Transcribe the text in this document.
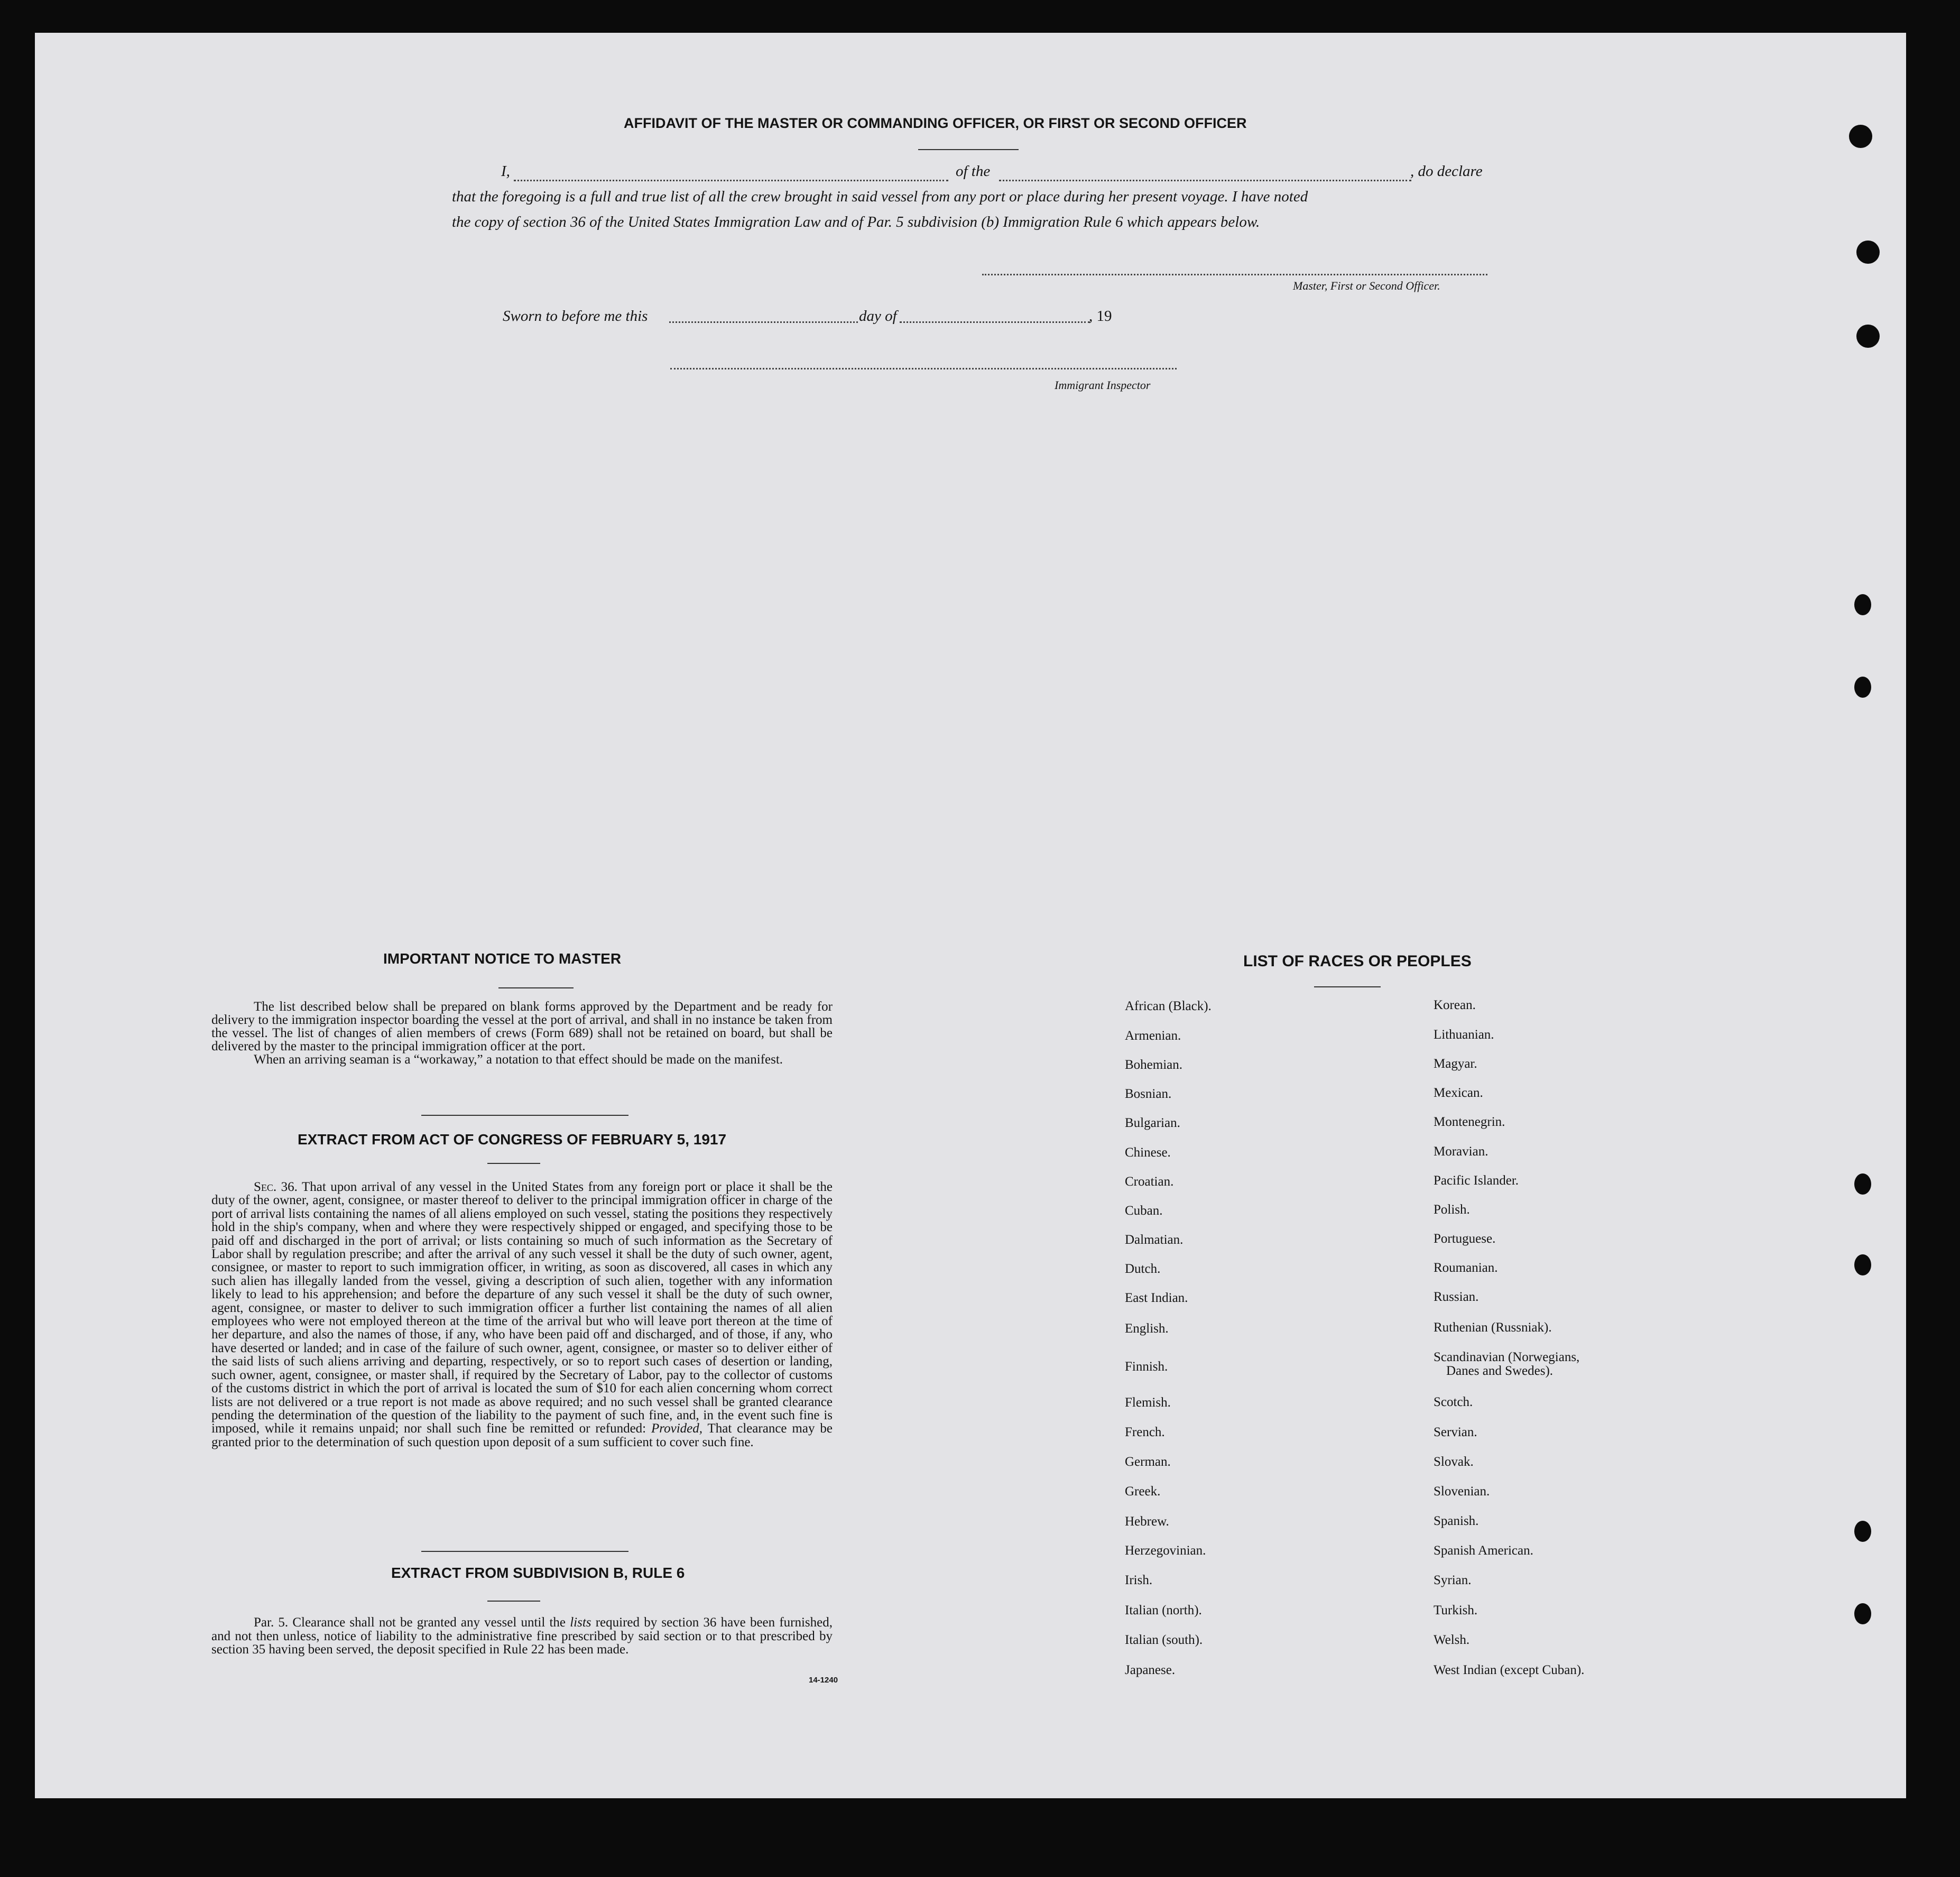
AFFIDAVIT OF THE MASTER OR COMMANDING OFFICER, OR FIRST OR SECOND OFFICER
I,	of the	, do declare
that the foregoing is a full and true list of all the crew brought in said vessel from any port or place during her present voyage. I have noted
the copy of section 36 of the United States Immigration Law and of Par. 5 subdivision (b) Immigration Rule 6 which appears below.
Master, First or Second Officer.
Sworn to before me this	day of	, 19
Immigrant Inspector
IMPORTANT NOTICE TO MASTER

The list described below shall be prepared on blank forms approved by the Department and be ready for delivery to the immigration inspector boarding the vessel at the port of arrival, and shall in no instance be taken from the vessel. The list of changes of alien members of crews (Form 689) shall not be retained on board, but shall be delivered by the master to the principal immigration officer at the port.

When an arriving seaman is a “workaway,” a notation to that effect should be made on the manifest.

EXTRACT FROM ACT OF CONGRESS OF FEBRUARY 5, 1917
Sec. 36. That upon arrival of any vessel in the United States from any foreign port or place it shall be the duty of the owner, agent, consignee, or master thereof to deliver to the principal immigration officer in charge of the port of arrival lists containing the names of all aliens employed on such vessel, stating the positions they respectively hold in the ship's company, when and where they were respectively shipped or engaged, and specifying those to be paid off and discharged in the port of arrival; or lists containing so much of such information as the Secretary of Labor shall by regulation prescribe; and after the arrival of any such vessel it shall be the duty of such owner, agent, consignee, or master to report to such immigration officer, in writing, as soon as discovered, all cases in which any such alien has illegally landed from the vessel, giving a description of such alien, together with any information likely to lead to his apprehension; and before the departure of any such vessel it shall be the duty of such owner, agent, consignee, or master to deliver to such immigration officer a further list containing the names of all alien employees who were not employed thereon at the time of the arrival but who will leave port thereon at the time of her departure, and also the names of those, if any, who have been paid off and discharged, and of those, if any, who have deserted or landed; and in case of the failure of such owner, agent, consignee, or master so to deliver either of the said lists of such aliens arriving and departing, respectively, or so to report such cases of desertion or landing, such owner, agent, consignee, or master shall, if required by the Secretary of Labor, pay to the collector of customs of the customs district in which the port of arrival is located the sum of $10 for each alien concerning whom correct lists are not delivered or a true report is not made as above required; and no such vessel shall be granted clearance pending the determination of the question of the liability to the payment of such fine, and, in the event such fine is imposed, while it remains unpaid; nor shall such fine be remitted or refunded: Provided, That clearance may be granted prior to the determination of such question upon deposit of a sum sufficient to cover such fine.
EXTRACT FROM SUBDIVISION B, RULE 6
Par. 5. Clearance shall not be granted any vessel until the lists required by section 36 have been furnished, and not then unless, notice of liability to the administrative fine prescribed by said section or to that prescribed by section 35 having been served, the deposit specified in Rule 22 has been made.
14-1240
LIST OF RACES OR PEOPLES
African (Black).
Armenian.
Bohemian.
Bosnian.
Bulgarian.
Chinese.
Croatian.
Cuban.
Dalmatian.
Dutch.
East Indian.
English.
Finnish.
Flemish.
French.
German.
Greek.
Hebrew.
Herzegovinian.
Irish.
Italian (north).
Italian (south).
Japanese.
Korean.
Lithuanian.
Magyar.
Mexican.
Montenegrin.
Moravian.
Pacific Islander.
Polish.
Portuguese.
Roumanian.
Russian.
Ruthenian (Russniak).
Scandinavian (Norwegians,
Danes and Swedes).
Scotch.
Servian.
Slovak.
Slovenian.
Spanish.
Spanish American.
Syrian.
Turkish.
Welsh.
West Indian (except Cuban).
